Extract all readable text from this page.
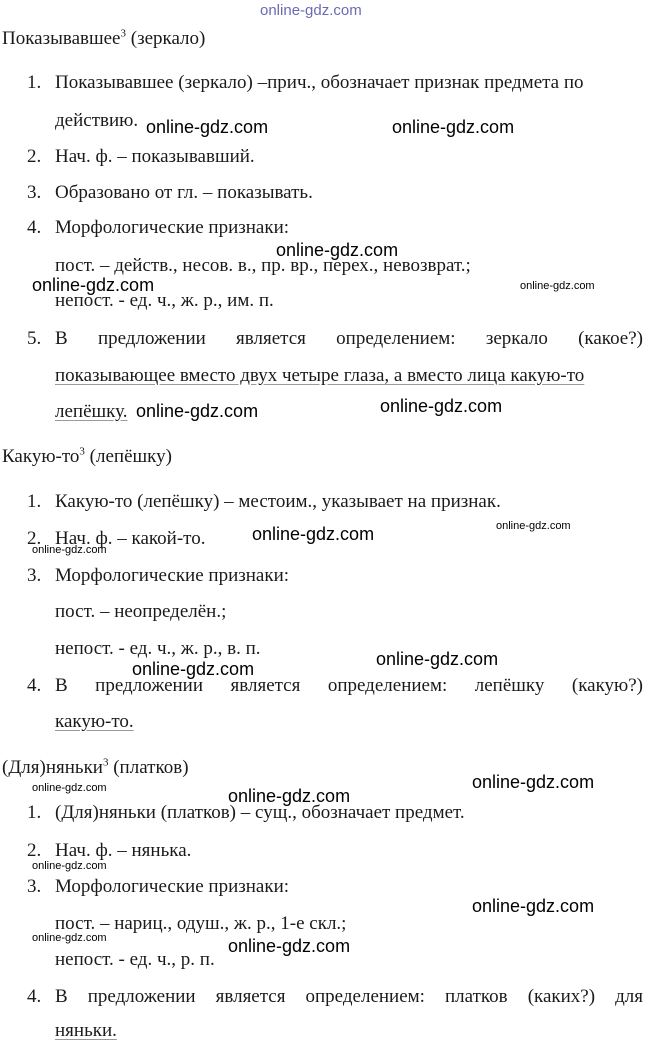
online-gdz.com
online-gdz.com	online-gdz.com
online-gdz.com
online-gdz.com	online-gdz.com
online-gdz.com	online-gdz.com
online-gdz.com
online-gdz.com
online-gdz.com
online-gdz.com	online-gdz.com
online-gdz.com
online-gdz.com	online-gdz.com
online-gdz.com
online-gdz.com
online-gdz.com	online-gdz.com
Показывавшее$^3$ (зеркало)
1. Показывавшее (зеркало) –прич., обозначает признак предмета по
действию.
2. Нач. ф. – показывавший.
3. Образовано от гл. – показывать.
4. Морфологические признаки:
пост. – действ., несов. в., пр. вр., перех., невозврат.;
непост. - ед. ч., ж. р., им. п.
5. В предложении является определением: зеркало (какое?)
показывающее вместо двух четыре глаза, а вместо лица какую-то
лепёшку.
Какую-$то^3$ (лепёшку)
1. Какую-то (лепёшку) – местоим., указывает на признак.
2. Нач. ф. – какой-то.
3. Морфологические признаки:
пост. – неопределён.;
непост. - ед. ч., ж. р., в. п.
4. В предложении является определением: лепёшку (какую?)
какую-то.
(Для)няньки$^3$ (платков)
1. (Для)няньки (платков) – сущ., обозначает предмет.
2. Нач. ф. – нянька.
3. Морфологические признаки:
пост. – нариц., одуш., ж. р., 1-е скл.;
непост. - ед. ч., р. п.
4. В предложении является определением: платков (каких?) для
няньки.
